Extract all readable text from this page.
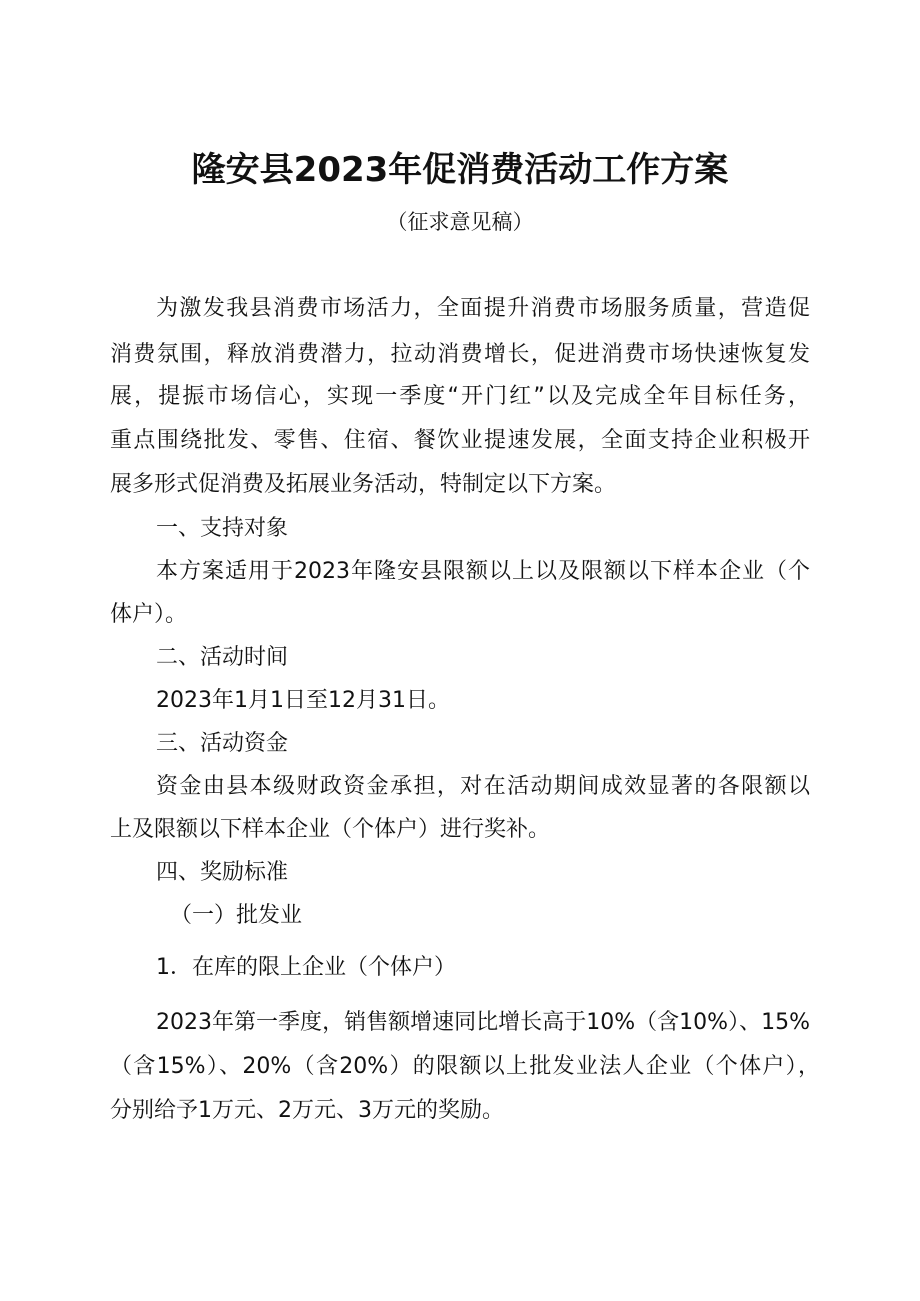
隆安县2023年促消费活动工作方案

（征求意见稿）

为激发我县消费市场活力，全面提升消费市场服务质量，营造促

消费氛围，释放消费潜力，拉动消费增长，促进消费市场快速恢复发

展，提振市场信心，实现一季度“开门红”以及完成全年目标任务，

重点围绕批发、零售、住宿、餐饮业提速发展，全面支持企业积极开

展多形式促消费及拓展业务活动，特制定以下方案。

一、支持对象

本方案适用于2023年隆安县限额以上以及限额以下样本企业（个

体户）。

二、活动时间

2023年1月1日至12月31日。

三、活动资金

资金由县本级财政资金承担，对在活动期间成效显著的各限额以

上及限额以下样本企业（个体户）进行奖补。

四、奖励标准

（一）批发业

1．在库的限上企业（个体户）

2023年第一季度，销售额增速同比增长高于10%（含10%）、15%

（含15%）、20%（含20%）的限额以上批发业法人企业（个体户），

分别给予1万元、2万元、3万元的奖励。
